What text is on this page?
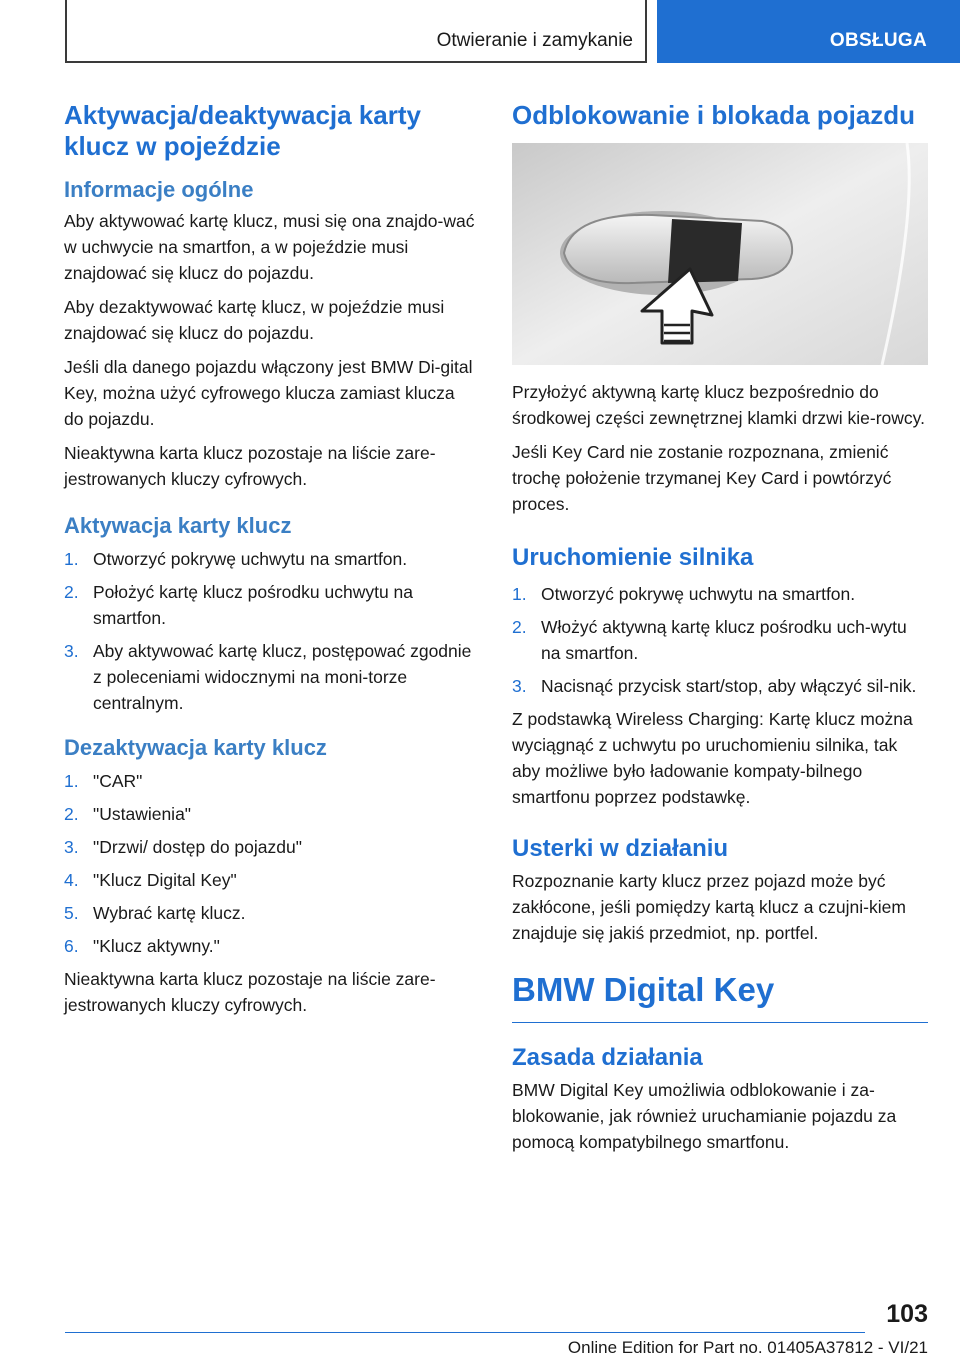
Otwieranie i zamykanie	OBSŁUGA
Aktywacja/deaktywacja karty klucz w pojeździe
Informacje ogólne

Aby aktywować kartę klucz, musi się ona znajdo-wać w uchwycie na smartfon, a w pojeździe musi znajdować się klucz do pojazdu.

Aby dezaktywować kartę klucz, w pojeździe musi znajdować się klucz do pojazdu.

Jeśli dla danego pojazdu włączony jest BMW Di-gital Key, można użyć cyfrowego klucza zamiast klucza do pojazdu.

Nieaktywna karta klucz pozostaje na liście zare-jestrowanych kluczy cyfrowych.

Aktywacja karty klucz
1. Otworzyć pokrywę uchwytu na smartfon.
2. Położyć kartę klucz pośrodku uchwytu na smartfon.
3. Aby aktywować kartę klucz, postępować zgodnie z poleceniami widocznymi na moni-torze centralnym.
Dezaktywacja karty klucz
1. "CAR"
2. "Ustawienia"
3. "Drzwi/ dostęp do pojazdu"
4. "Klucz Digital Key"
5. Wybrać kartę klucz.
6. "Klucz aktywny."

Nieaktywna karta klucz pozostaje na liście zare-jestrowanych kluczy cyfrowych.

Odblokowanie i blokada pojazdu

Przyłożyć aktywną kartę klucz bezpośrednio do środkowej części zewnętrznej klamki drzwi kie-rowcy.

Jeśli Key Card nie zostanie rozpoznana, zmienić trochę położenie trzymanej Key Card i powtórzyć proces.

Uruchomienie silnika
1. Otworzyć pokrywę uchwytu na smartfon.
2. Włożyć aktywną kartę klucz pośrodku uch-wytu na smartfon.
3. Nacisnąć przycisk start/stop, aby włączyć sil-nik.

Z podstawką Wireless Charging: Kartę klucz można wyciągnąć z uchwytu po uruchomieniu silnika, tak aby możliwe było ładowanie kompaty-bilnego smartfonu poprzez podstawkę.

Usterki w działaniu

Rozpoznanie karty klucz przez pojazd może być zakłócone, jeśli pomiędzy kartą klucz a czujni-kiem znajduje się jakiś przedmiot, np. portfel.

BMW Digital Key
Zasada działania

BMW Digital Key umożliwia odblokowanie i za-blokowanie, jak również uruchamianie pojazdu za pomocą kompatybilnego smartfonu.

103
Online Edition for Part no. 01405A37812 - VI/21
